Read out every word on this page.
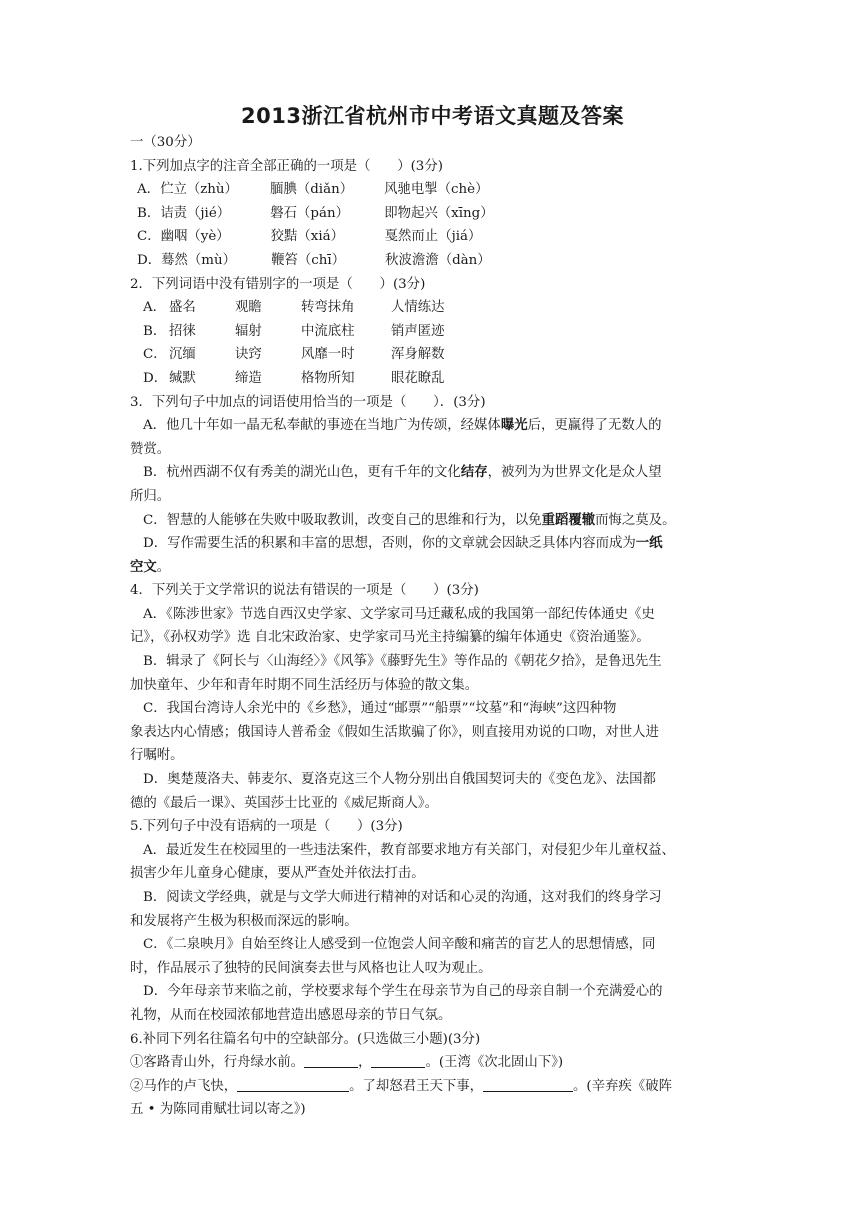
2013浙江省杭州市中考语文真题及答案
一（30分）
1.下列加点字的注音全部正确的一项是（　　）(3分)
A．伫立（zhù） 腼腆（diǎn） 风驰电掣（chè）
B．诘责（jié）	磐石（pán）	即物起兴（xīng）
C．幽咽（yè）	狡黠（xiá）	戛然而止（jiá）
D．蓦然（mù）	鞭笞（chī）	秋波澹澹（dàn）
2．下列词语中没有错别字的一项是（　　）(3分)
A． 盛名	观瞻	转弯抹角	人情练达
B． 招徕	辐射	中流底柱	销声匿迹
C． 沉缅	诀窍	风靡一时	浑身解数
D． 缄默	缔造	格物所知	眼花瞭乱
3．下列句子中加点的词语使用恰当的一项是（　　）．(3分)
A．他几十年如一晶无私奉献的事迹在当地广为传颂，经媒体曝光后，更赢得了无数人的
赞赏。
B．杭州西湖不仅有秀美的湖光山色，更有千年的文化结存，被列为为世界文化是众人望
所归。
C．智慧的人能够在失败中吸取教训，改变自己的思维和行为，以免重蹈覆辙而悔之莫及。
D．写作需要生活的积累和丰富的思想，否则，你的文章就会因缺乏具体内容而成为一纸
空文。
4．下列关于文学常识的说法有错误的一项是（　　）(3分)
A．《陈涉世家》节选自西汉史学家、文学家司马迁藏私成的我国第一部纪传体通史《史
记》，《孙权劝学》选 自北宋政治家、史学家司马光主持编纂的编年体通史《资治通鉴》。
B．辑录了《阿长与〈山海经〉》《风筝》《藤野先生》等作品的《朝花夕拾》，是鲁迅先生
加快童年、少年和青年时期不同生活经历与体验的散文集。
C．我国台湾诗人余光中的《乡愁》，通过“邮票”“船票”“坟墓”和“海峡”这四种物
象表达内心情感；俄国诗人普希金《假如生活欺骗了你》，则直接用劝说的口吻，对世人进
行嘱咐。
D．奥楚蔑洛夫、韩麦尔、夏洛克这三个人物分别出自俄国契诃夫的《变色龙》、法国都
德的《最后一课》、英国莎士比亚的《威尼斯商人》。
5.下列句子中没有语病的一项是（　　）(3分)
A．最近发生在校园里的一些违法案件，教育部要求地方有关部门，对侵犯少年儿童权益、
损害少年儿童身心健康，要从严查处并依法打击。
B．阅读文学经典，就是与文学大师进行精神的对话和心灵的沟通，这对我们的终身学习
和发展将产生极为积极而深远的影响。
C．《二泉映月》自始至终让人感受到一位饱尝人间辛酸和痛苦的盲艺人的思想情感，同
时，作品展示了独特的民间演奏去世与风格也让人叹为观止。
D．今年母亲节来临之前，学校要求每个学生在母亲节为自己的母亲自制一个充满爱心的
礼物，从而在校园浓郁地营造出感恩母亲的节日气氛。
6.补同下列名往篇名句中的空缺部分。(只选做三小题)(3分)
①客路青山外，行舟绿水前。	，	。(王湾《次北固山下》)
②马作的卢飞快，	。了却怒君王天下事，	。(辛弃疾《破阵
五 • 为陈同甫赋壮词以寄之》)
